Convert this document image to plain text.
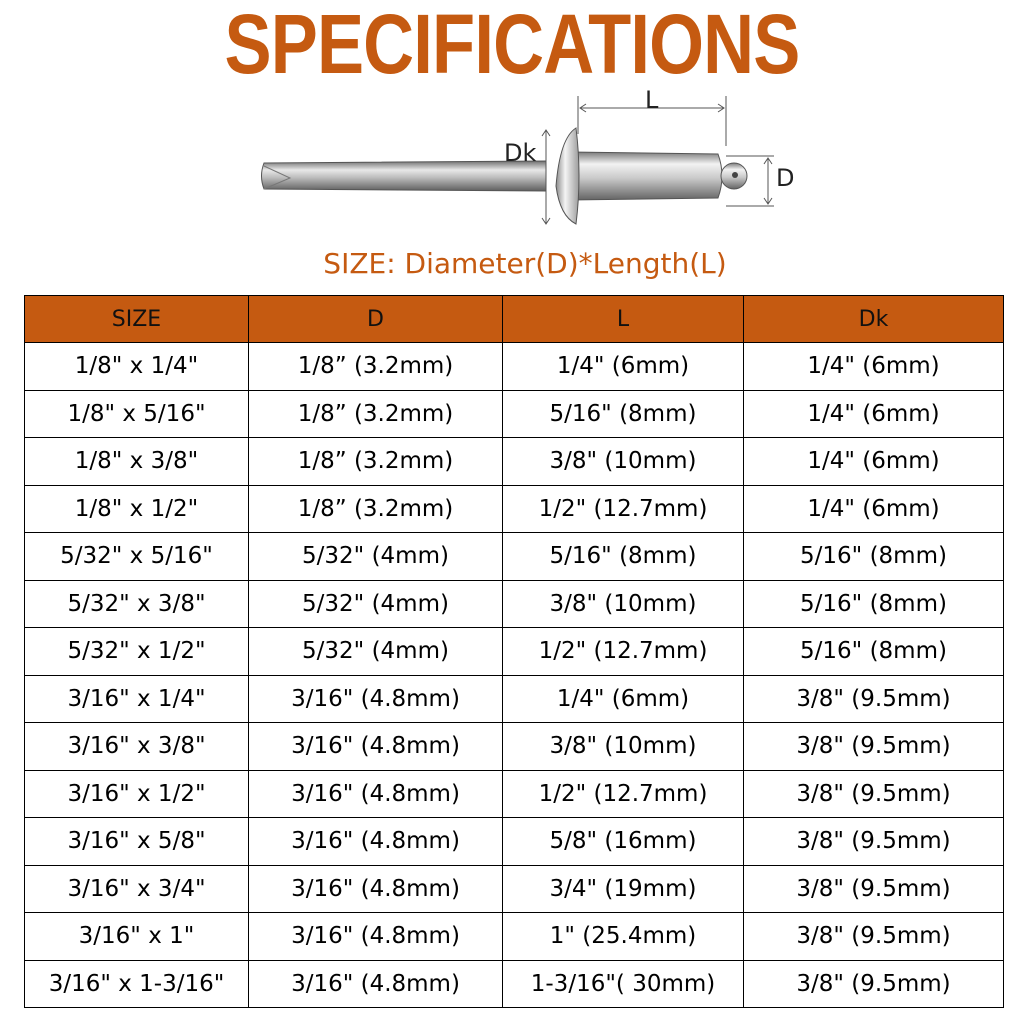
SPECIFICATIONS
L
Dk
D

SIZE: Diameter(D)*Length(L)

SIZE	D	L	Dk
1/8" x 1/4"	1/8” (3.2mm)	1/4" (6mm)	1/4" (6mm)
1/8" x 5/16"	1/8” (3.2mm)	5/16" (8mm)	1/4" (6mm)
1/8" x 3/8"	1/8” (3.2mm)	3/8" (10mm)	1/4" (6mm)
1/8" x 1/2"	1/8” (3.2mm)	1/2" (12.7mm)	1/4" (6mm)
5/32" x 5/16"	5/32" (4mm)	5/16" (8mm)	5/16" (8mm)
5/32" x 3/8"	5/32" (4mm)	3/8" (10mm)	5/16" (8mm)
5/32" x 1/2"	5/32" (4mm)	1/2" (12.7mm)	5/16" (8mm)
3/16" x 1/4"	3/16" (4.8mm)	1/4" (6mm)	3/8" (9.5mm)
3/16" x 3/8"	3/16" (4.8mm)	3/8" (10mm)	3/8" (9.5mm)
3/16" x 1/2"	3/16" (4.8mm)	1/2" (12.7mm)	3/8" (9.5mm)
3/16" x 5/8"	3/16" (4.8mm)	5/8" (16mm)	3/8" (9.5mm)
3/16" x 3/4"	3/16" (4.8mm)	3/4" (19mm)	3/8" (9.5mm)
3/16" x 1"	3/16" (4.8mm)	1" (25.4mm)	3/8" (9.5mm)
3/16" x 1-3/16"	3/16" (4.8mm)	1-3/16"( 30mm)	3/8" (9.5mm)
